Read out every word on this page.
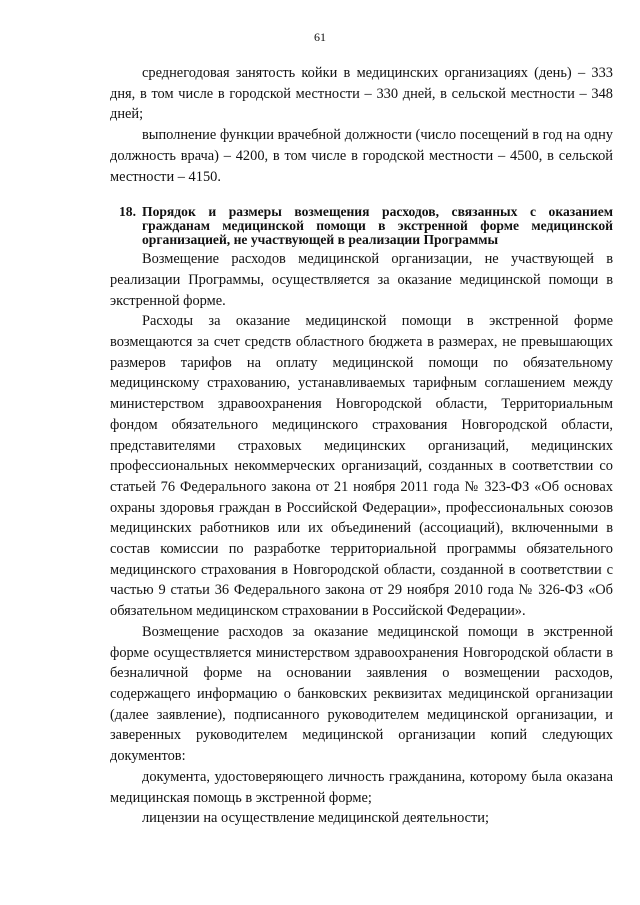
61

среднегодовая занятость койки в медицинских организациях (день) – 333 дня, в том числе в городской местности – 330 дней, в сельской местности – 348 дней;

выполнение функции врачебной должности (число посещений в год на одну должность врача) – 4200, в том числе в городской местности – 4500, в сельской местности – 4150.

18. Порядок и размеры возмещения расходов, связанных с оказанием гражданам медицинской помощи в экстренной форме медицинской организацией, не участвующей в реализации Программы

Возмещение расходов медицинской организации, не участвующей в реализации Программы, осуществляется за оказание медицинской помощи в экстренной форме.

Расходы за оказание медицинской помощи в экстренной форме возмещаются за счет средств областного бюджета в размерах, не превышающих размеров тарифов на оплату медицинской помощи по обязательному медицинскому страхованию, устанавливаемых тарифным соглашением между министерством здравоохранения Новгородской области, Территориальным фондом обязательного медицинского страхования Новгородской области, представителями страховых медицинских организаций, медицинских профессиональных некоммерческих организаций, созданных в соответствии со статьей 76 Федерального закона от 21 ноября 2011 года № 323-ФЗ «Об основах охраны здоровья граждан в Российской Федерации», профессиональных союзов медицинских работников или их объединений (ассоциаций), включенными в состав комиссии по разработке территориальной программы обязательного медицинского страхования в Новгородской области, созданной в соответствии с частью 9 статьи 36 Федерального закона от 29 ноября 2010 года № 326-ФЗ «Об обязательном медицинском страховании в Российской Федерации».

Возмещение расходов за оказание медицинской помощи в экстренной форме осуществляется министерством здравоохранения Новгородской области в безналичной форме на основании заявления о возмещении расходов, содержащего информацию о банковских реквизитах медицинской организации (далее заявление), подписанного руководителем медицинской организации, и заверенных руководителем медицинской организации копий следующих документов:

документа, удостоверяющего личность гражданина, которому была оказана медицинская помощь в экстренной форме;

лицензии на осуществление медицинской деятельности;
